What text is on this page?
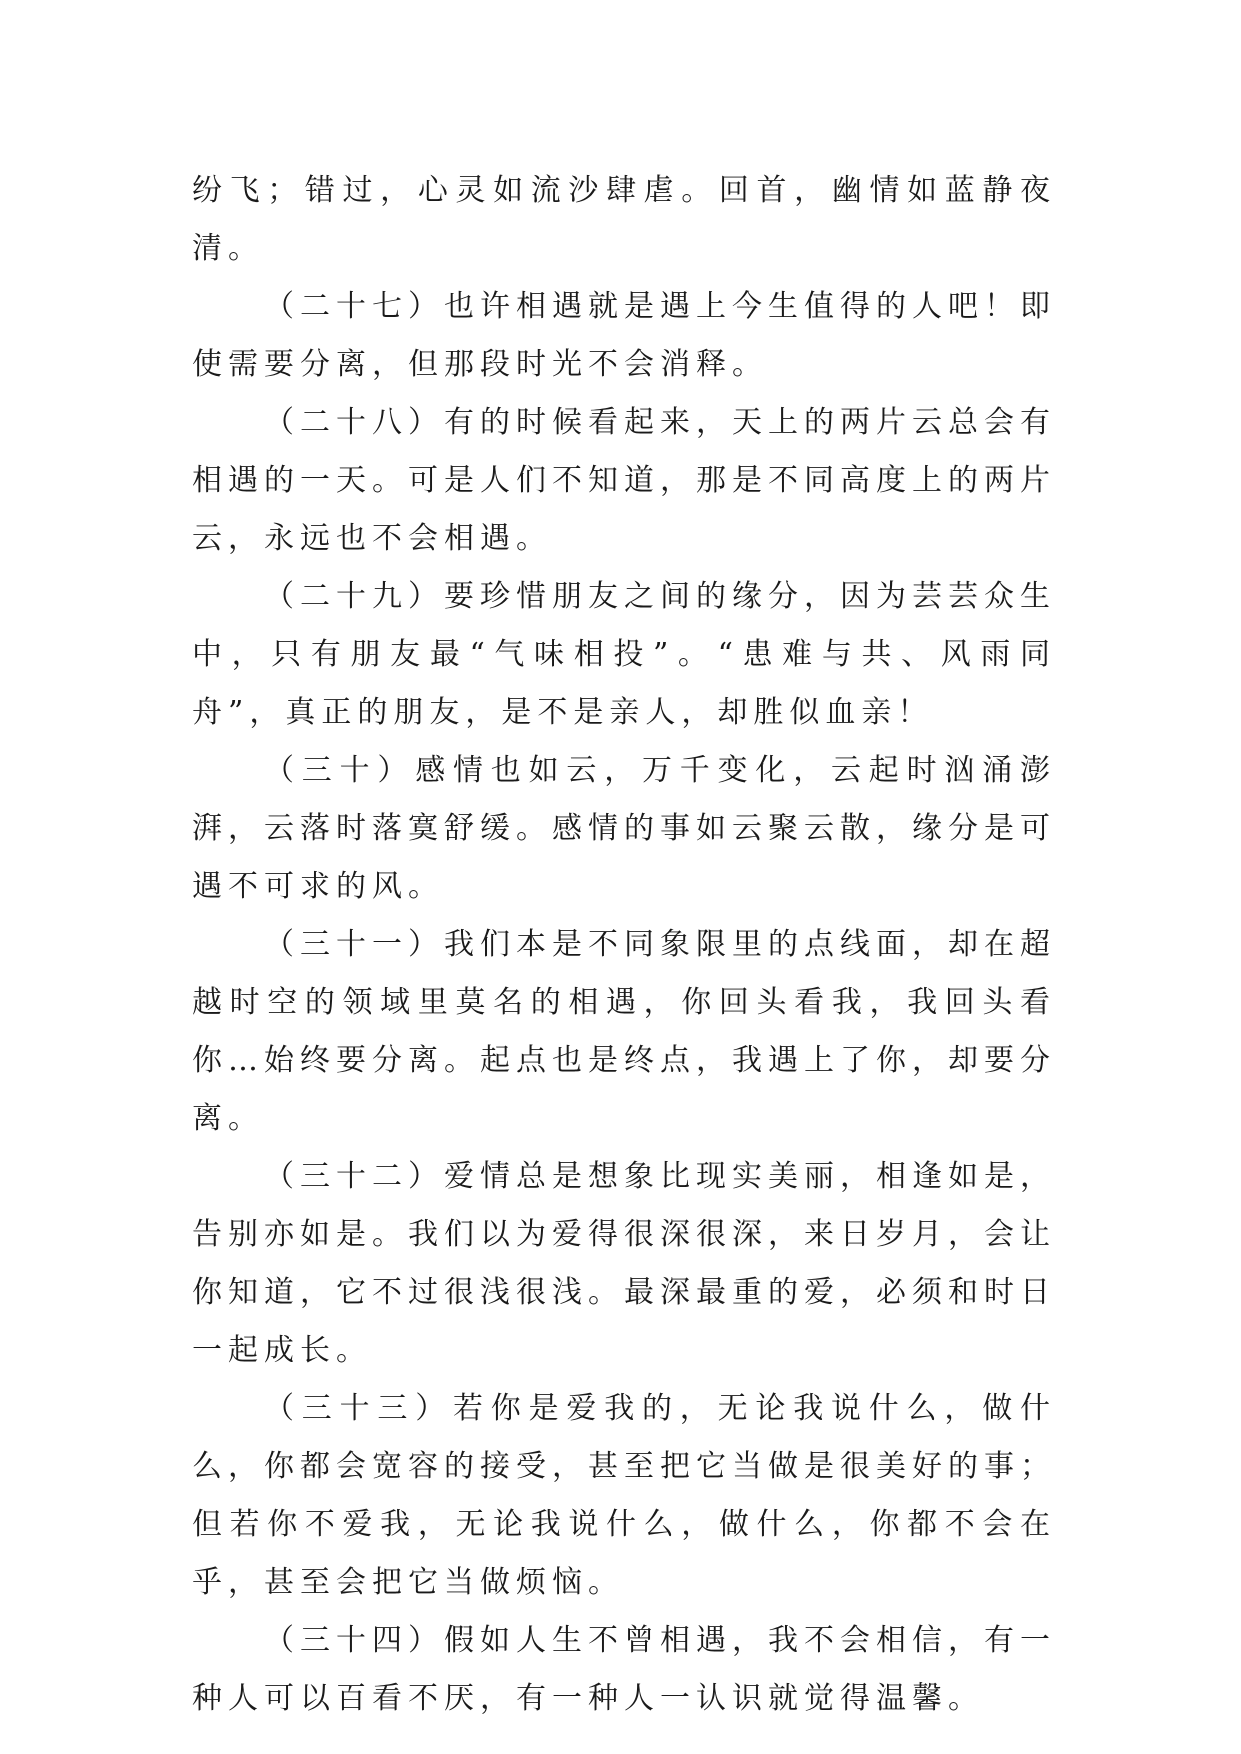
纷飞；错过，心灵如流沙肆虐。回首，幽情如蓝静夜清。

（二十七）也许相遇就是遇上今生值得的人吧！即使需要分离，但那段时光不会消释。

（二十八）有的时候看起来，天上的两片云总会有相遇的一天。可是人们不知道，那是不同高度上的两片云，永远也不会相遇。

（二十九）要珍惜朋友之间的缘分，因为芸芸众生中，只有朋友最“气味相投”。“患难与共、风雨同舟”，真正的朋友，是不是亲人，却胜似血亲！

（三十）感情也如云，万千变化，云起时汹涌澎湃，云落时落寞舒缓。感情的事如云聚云散，缘分是可遇不可求的风。

（三十一）我们本是不同象限里的点线面，却在超越时空的领域里莫名的相遇，你回头看我，我回头看你…始终要分离。起点也是终点，我遇上了你，却要分离。

（三十二）爱情总是想象比现实美丽，相逢如是，告别亦如是。我们以为爱得很深很深，来日岁月，会让你知道，它不过很浅很浅。最深最重的爱，必须和时日一起成长。

（三十三）若你是爱我的，无论我说什么，做什么，你都会宽容的接受，甚至把它当做是很美好的事；但若你不爱我，无论我说什么，做什么，你都不会在乎，甚至会把它当做烦恼。

（三十四）假如人生不曾相遇，我不会相信，有一种人可以百看不厌，有一种人一认识就觉得温馨。
